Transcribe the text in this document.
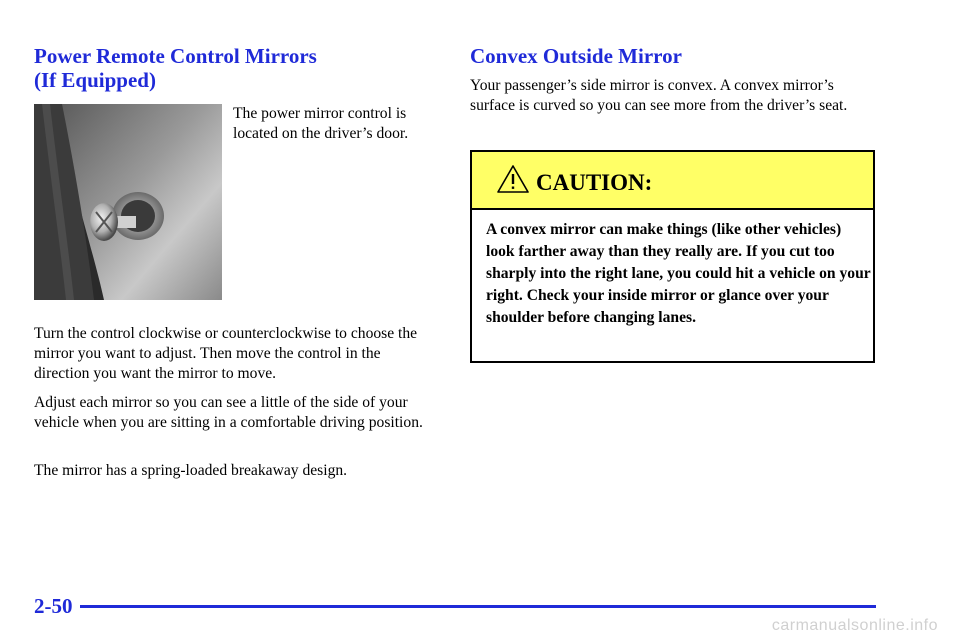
Power Remote Control Mirrors
(If Equipped)

The power mirror control is located on the driver’s door.

Turn the control clockwise or counterclockwise to choose the mirror you want to adjust. Then move the control in the direction you want the mirror to move.

Adjust each mirror so you can see a little of the side of your vehicle when you are sitting in a comfortable driving position.

The mirror has a spring-loaded breakaway design.

Convex Outside Mirror

Your passenger’s side mirror is convex. A convex mirror’s surface is curved so you can see more from the driver’s seat.

CAUTION:

A convex mirror can make things (like other vehicles) look farther away than they really are. If you cut too sharply into the right lane, you could hit a vehicle on your right. Check your inside mirror or glance over your shoulder before changing lanes.

2-50
carmanualsonline.info
